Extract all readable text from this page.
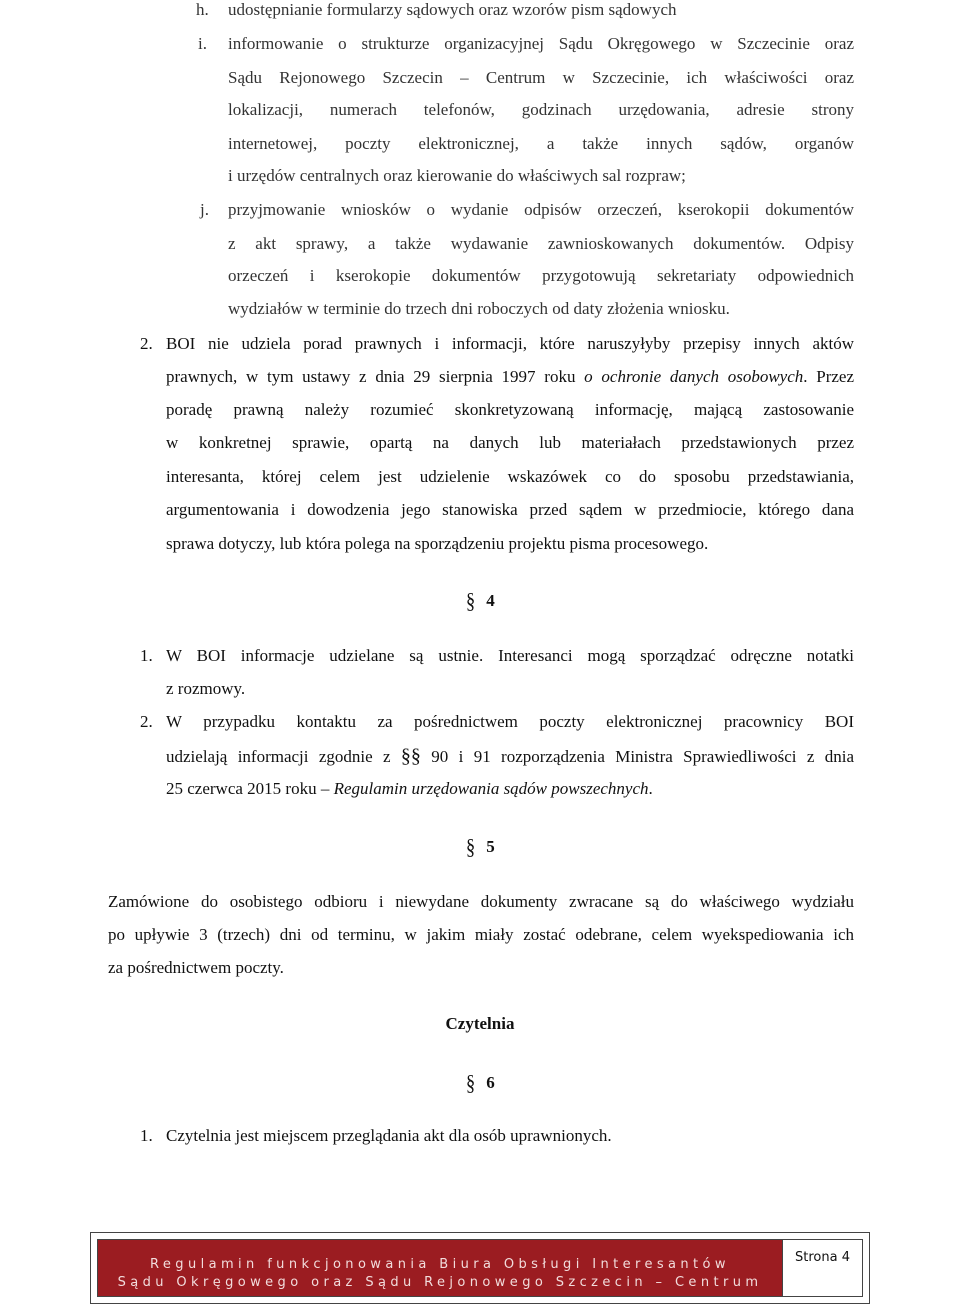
h. udostępnianie formularzy sądowych oraz wzorów pism sądowych
i. informowanie o strukturze organizacyjnej Sądu Okręgowego w Szczecinie oraz
Sądu Rejonowego Szczecin – Centrum w Szczecinie, ich właściwości oraz
lokalizacji, numerach telefonów, godzinach urzędowania, adresie strony
internetowej, poczty elektronicznej, a także innych sądów, organów
i urzędów centralnych oraz kierowanie do właściwych sal rozpraw;
j. przyjmowanie wniosków o wydanie odpisów orzeczeń, kserokopii dokumentów
z akt sprawy, a także wydawanie zawnioskowanych dokumentów. Odpisy
orzeczeń i kserokopie dokumentów przygotowują sekretariaty odpowiednich
wydziałów w terminie do trzech dni roboczych od daty złożenia wniosku.
2. BOI nie udziela porad prawnych i informacji, które naruszyłyby przepisy innych aktów
prawnych, w tym ustawy z dnia 29 sierpnia 1997 roku o ochronie danych osobowych. Przez
poradę prawną należy rozumieć skonkretyzowaną informację, mającą zastosowanie
w konkretnej sprawie, opartą na danych lub materiałach przedstawionych przez
interesanta, której celem jest udzielenie wskazówek co do sposobu przedstawiania,
argumentowania i dowodzenia jego stanowiska przed sądem w przedmiocie, którego dana
sprawa dotyczy, lub która polega na sporządzeniu projektu pisma procesowego.
§ 4
1. W BOI informacje udzielane są ustnie. Interesanci mogą sporządzać odręczne notatki
z rozmowy.
2. W przypadku kontaktu za pośrednictwem poczty elektronicznej pracownicy BOI
udzielają informacji zgodnie z §§ 90 i 91 rozporządzenia Ministra Sprawiedliwości z dnia
25 czerwca 2015 roku – Regulamin urzędowania sądów powszechnych.
§ 5
Zamówione do osobistego odbioru i niewydane dokumenty zwracane są do właściwego wydziału
po upływie 3 (trzech) dni od terminu, w jakim miały zostać odebrane, celem wyekspediowania ich
za pośrednictwem poczty.
Czytelnia
§ 6
1. Czytelnia jest miejscem przeglądania akt dla osób uprawnionych.
Regulamin funkcjonowania Biura Obsługi Interesantów
Sądu Okręgowego oraz Sądu Rejonowego Szczecin – Centrum
Strona 4
